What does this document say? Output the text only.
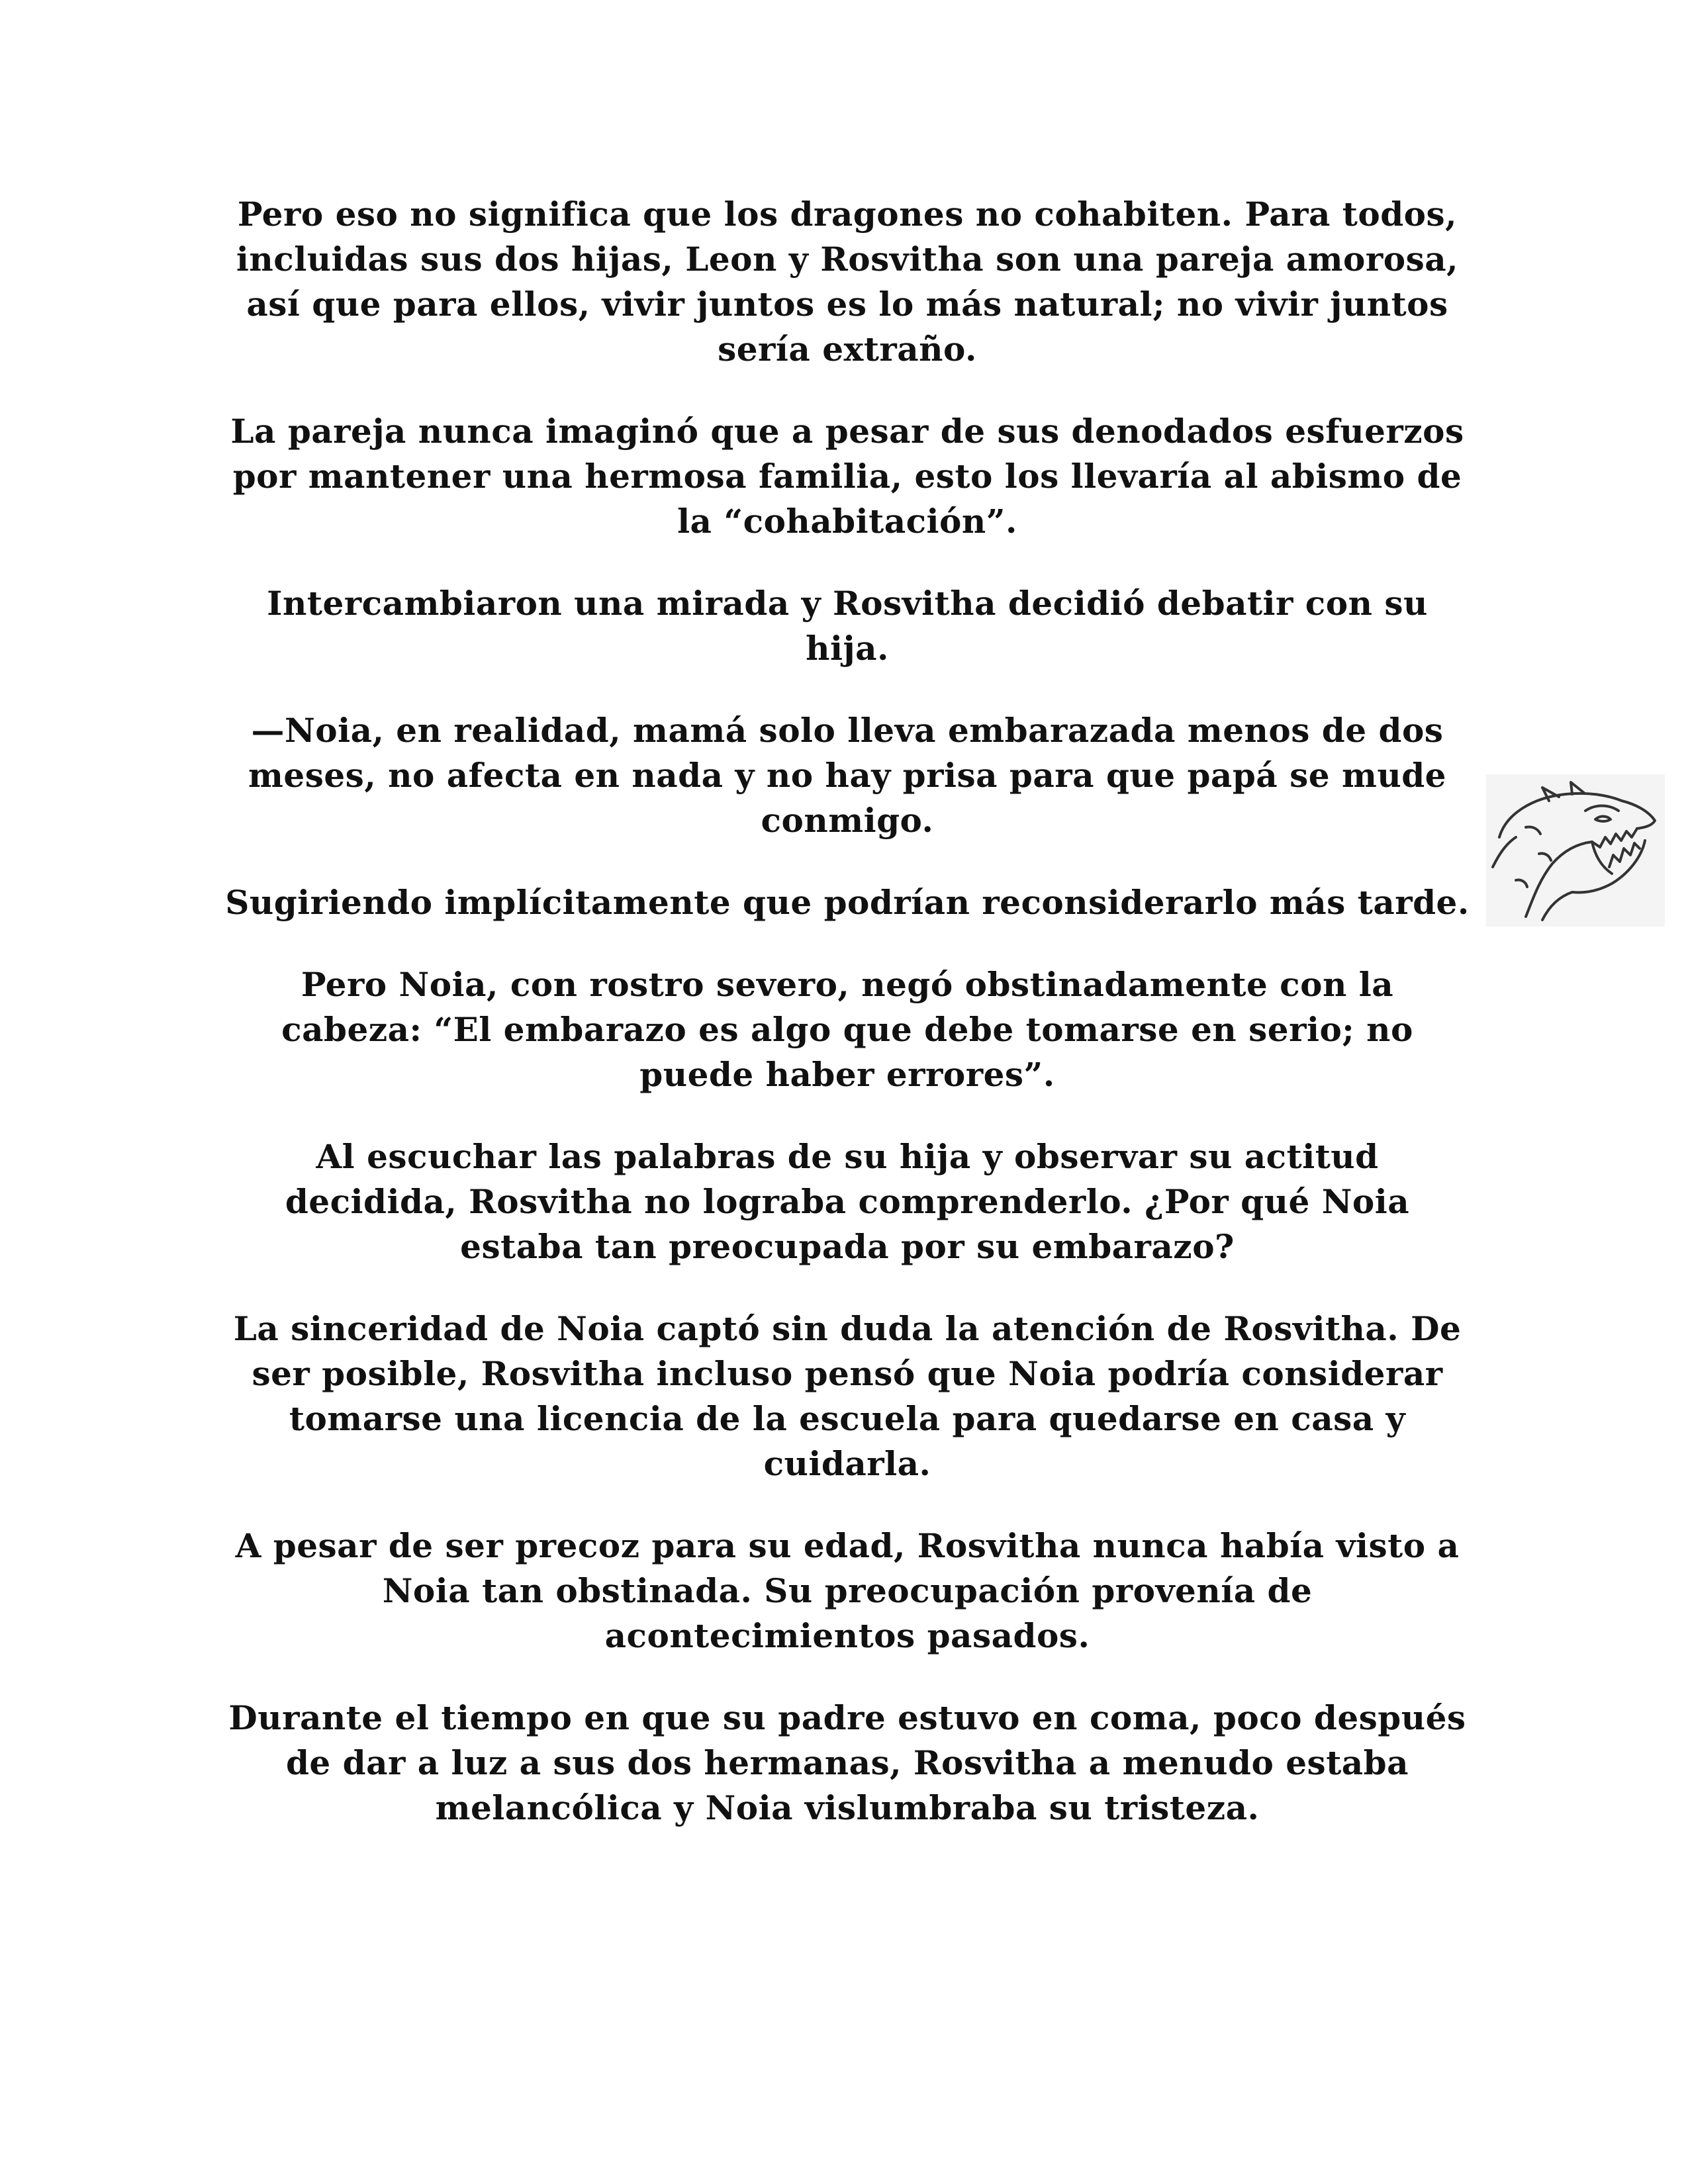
Pero eso no significa que los dragones no cohabiten. Para todos, incluidas sus dos hijas, Leon y Rosvitha son una pareja amorosa, así que para ellos, vivir juntos es lo más natural; no vivir juntos sería extraño.

La pareja nunca imaginó que a pesar de sus denodados esfuerzos por mantener una hermosa familia, esto los llevaría al abismo de la “cohabitación”.

Intercambiaron una mirada y Rosvitha decidió debatir con su hija.

—Noia, en realidad, mamá solo lleva embarazada menos de dos meses, no afecta en nada y no hay prisa para que papá se mude conmigo.

Sugiriendo implícitamente que podrían reconsiderarlo más tarde.

Pero Noia, con rostro severo, negó obstinadamente con la cabeza: “El embarazo es algo que debe tomarse en serio; no puede haber errores”.

Al escuchar las palabras de su hija y observar su actitud decidida, Rosvitha no lograba comprenderlo. ¿Por qué Noia estaba tan preocupada por su embarazo?

La sinceridad de Noia captó sin duda la atención de Rosvitha. De ser posible, Rosvitha incluso pensó que Noia podría considerar tomarse una licencia de la escuela para quedarse en casa y cuidarla.

A pesar de ser precoz para su edad, Rosvitha nunca había visto a Noia tan obstinada. Su preocupación provenía de acontecimientos pasados.

Durante el tiempo en que su padre estuvo en coma, poco después de dar a luz a sus dos hermanas, Rosvitha a menudo estaba melancólica y Noia vislumbraba su tristeza.
